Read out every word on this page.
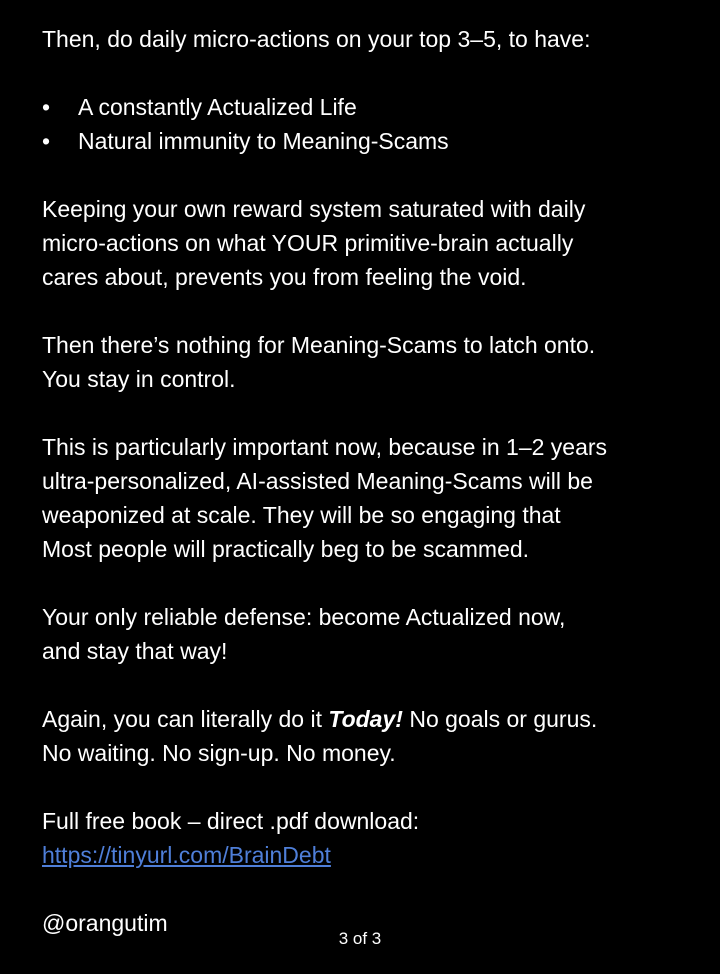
Then, do daily micro-actions on your top 3–5, to have:

• A constantly Actualized Life
• Natural immunity to Meaning-Scams

Keeping your own reward system saturated with daily
micro-actions on what YOUR primitive-brain actually
cares about, prevents you from feeling the void.

Then there’s nothing for Meaning-Scams to latch onto.
You stay in control.

This is particularly important now, because in 1–2 years
ultra-personalized, AI-assisted Meaning-Scams will be
weaponized at scale. They will be so engaging that
Most people will practically beg to be scammed.

Your only reliable defense: become Actualized now,
and stay that way!

Again, you can literally do it Today! No goals or gurus.
No waiting. No sign-up. No money.

Full free book – direct .pdf download:
https://tinyurl.com/BrainDebt

@orangutim

3 of 3
